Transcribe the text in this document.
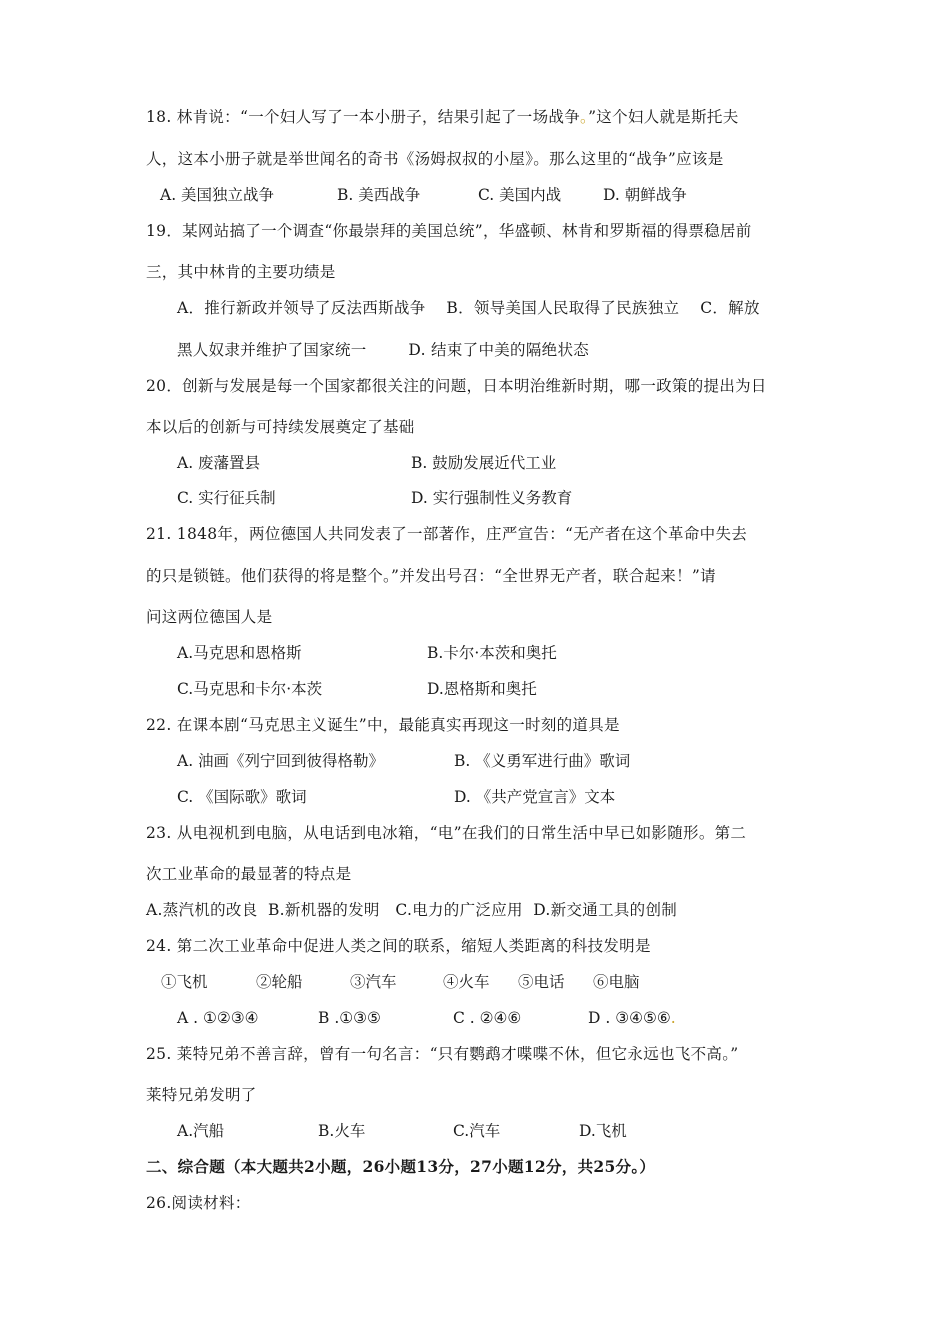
18. 林肯说：“一个妇人写了一本小册子，结果引起了一场战争。”这个妇人就是斯托夫
人，这本小册子就是举世闻名的奇书《汤姆叔叔的小屋》。那么这里的“战争”应该是
A. 美国独立战争	B. 美西战争	C. 美国内战	D. 朝鲜战争
19．某网站搞了一个调查“你最崇拜的美国总统”，华盛顿、林肯和罗斯福的得票稳居前
三，其中林肯的主要功绩是
A．推行新政并领导了反法西斯战争    B．领导美国人民取得了民族独立    C．解放
黑人奴隶并维护了国家统一        D. 结束了中美的隔绝状态
20．创新与发展是每一个国家都很关注的问题，日本明治维新时期，哪一政策的提出为日
本以后的创新与可持续发展奠定了基础
A. 废藩置县	B. 鼓励发展近代工业
C. 实行征兵制	D. 实行强制性义务教育
21. 1848年，两位德国人共同发表了一部著作，庄严宣告：“无产者在这个革命中失去
的只是锁链。他们获得的将是整个。”并发出号召：“全世界无产者，联合起来！”请
问这两位德国人是
A.马克思和恩格斯	B.卡尔·本茨和奥托
C.马克思和卡尔·本茨	D.恩格斯和奥托
22. 在课本剧“马克思主义诞生”中，最能真实再现这一时刻的道具是
A. 油画《列宁回到彼得格勒》	B. 《义勇军进行曲》歌词
C. 《国际歌》歌词	D. 《共产党宣言》文本
23. 从电视机到电脑，从电话到电冰箱，“电”在我们的日常生活中早已如影随形。第二
次工业革命的最显著的特点是
A.蒸汽机的改良  B.新机器的发明   C.电力的广泛应用  D.新交通工具的创制
24. 第二次工业革命中促进人类之间的联系，缩短人类距离的科技发明是
①飞机	②轮船	③汽车	④火车 ⑤电话 ⑥电脑
A . ①②③④	B .①③⑤	C . ②④⑥	D . ③④⑤⑥.
25. 莱特兄弟不善言辞，曾有一句名言：“只有鹦鹉才喋喋不休，但它永远也飞不高。”
莱特兄弟发明了
A.汽船	B.火车	C.汽车	D.飞机
二、综合题（本大题共2小题，26小题13分，27小题12分，共25分。）
26.阅读材料：
